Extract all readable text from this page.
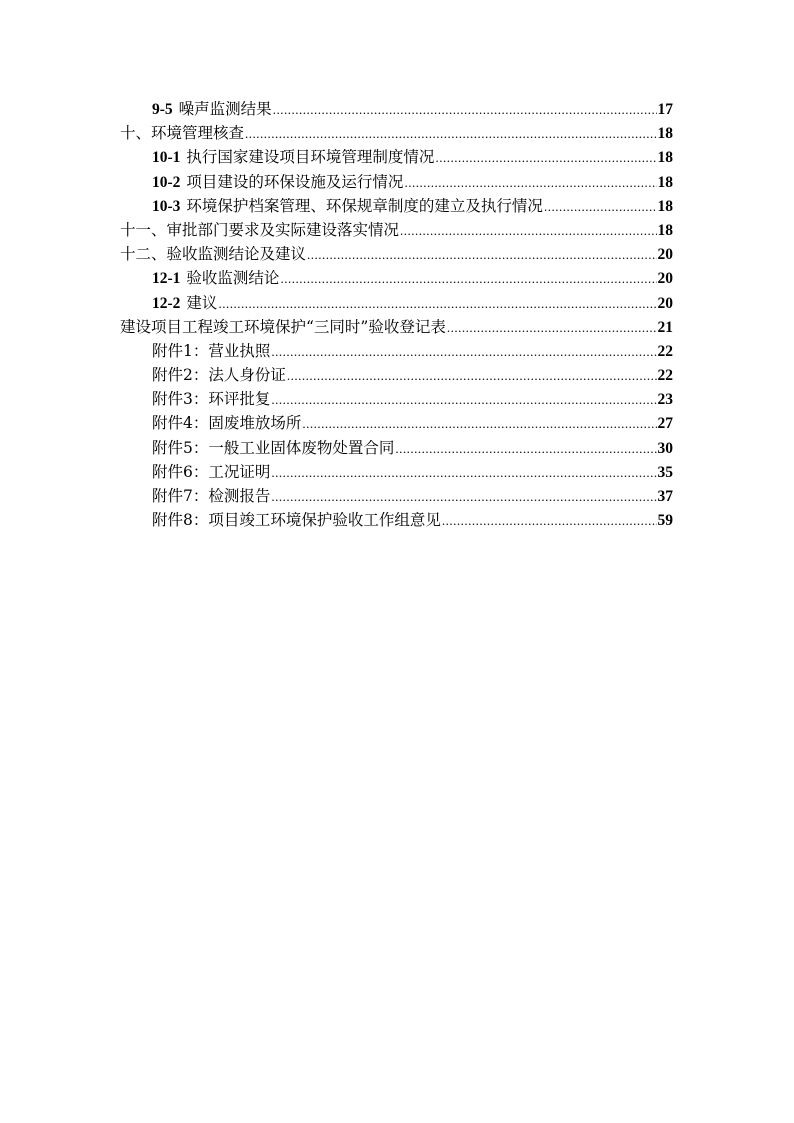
9-5 噪声监测结果 .....	17
十、环境管理核查 .....	18
10-1 执行国家建设项目环境管理制度情况 .....	18
10-2 项目建设的环保设施及运行情况 .....	18
10-3 环境保护档案管理、环保规章制度的建立及执行情况 .....	18
十一、审批部门要求及实际建设落实情况 .....	18
十二、验收监测结论及建议 .....	20
12-1 验收监测结论 .....	20
12-2 建议 .....	20
建设项目工程竣工环境保护“三同时”验收登记表 .....	21
附件1：营业执照 .....	22
附件2：法人身份证 .....	22
附件3：环评批复 .....	23
附件4：固废堆放场所 .....	27
附件5：一般工业固体废物处置合同 .....	30
附件6：工况证明 .....	35
附件7：检测报告 .....	37
附件8：项目竣工环境保护验收工作组意见 .....	59
